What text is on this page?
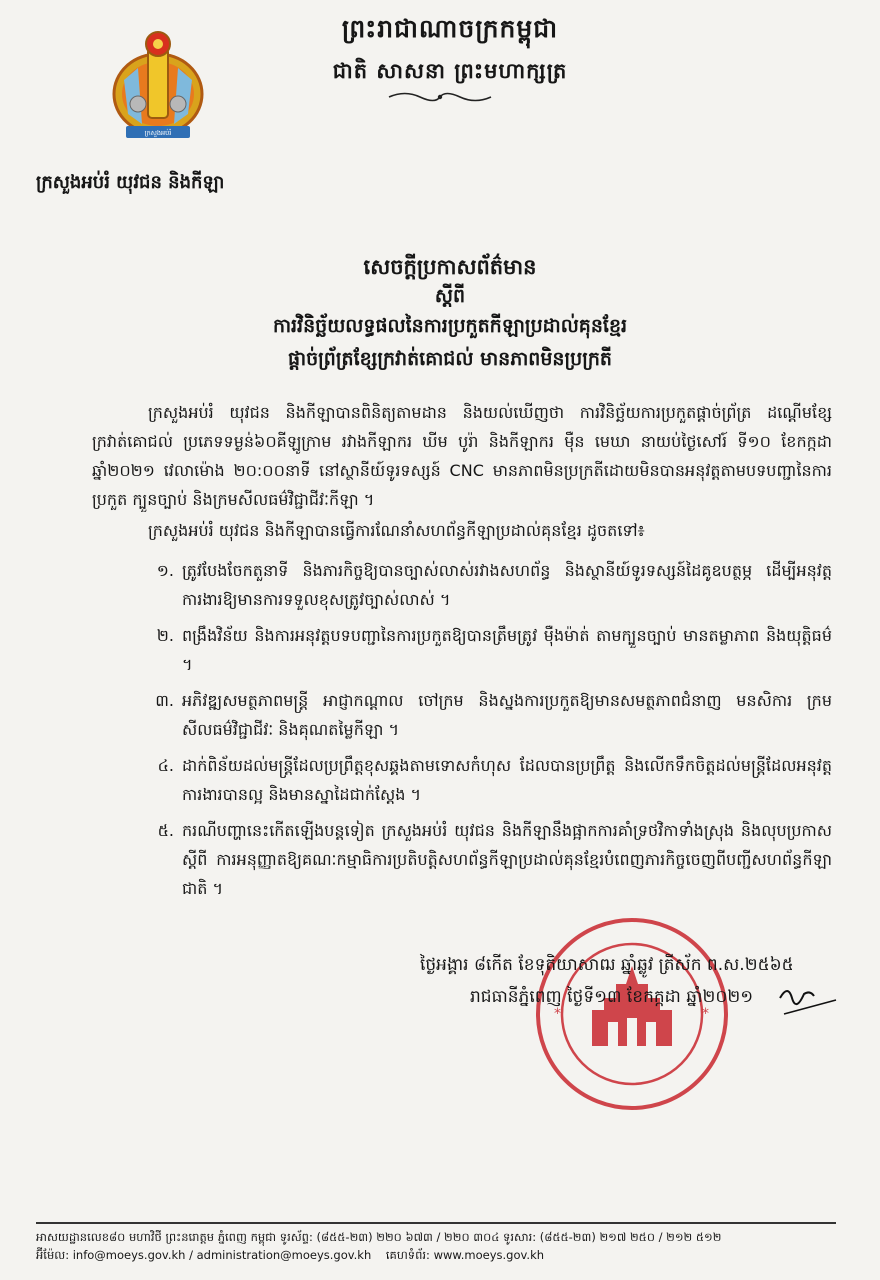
ក្រសួងអប់រំ
ព្រះរាជាណាចក្រកម្ពុជា
ជាតិ សាសនា ព្រះមហាក្សត្រ
ក្រសួងអប់រំ យុវជន និងកីឡា
សេចក្ដីប្រកាសព័ត៌មាន
ស្ដីពី
ការវិនិច្ឆ័យលទ្ធផលនៃការប្រកួតកីឡាប្រដាល់គុនខ្មែរ
ផ្ដាច់ព្រ័ត្រខ្សែក្រវាត់គោជល់ មានភាពមិនប្រក្រតី

ក្រសួងអប់រំ យុវជន និងកីឡាបានពិនិត្យតាមដាន និងយល់ឃើញថា ការវិនិច្ឆ័យការប្រកួតផ្ដាច់ព្រ័ត្រ ដណ្ដើមខ្សែក្រវាត់គោជល់ ប្រភេទទម្ងន់៦០គីឡូក្រាម រវាងកីឡាករ ឃីម បូរ៉ា និងកីឡាករ ម៉ឺន មេឃា នាយប់ថ្ងៃសៅរ៍ ទី១០ ខែកក្កដា ឆ្នាំ២០២១ វេលាម៉ោង ២០:០០នាទី នៅស្ថានីយ៍ទូរទស្សន៍ CNC មានភាពមិនប្រក្រតីដោយមិនបានអនុវត្តតាមបទបញ្ជានៃការប្រកួត ក្បួនច្បាប់ និងក្រមសីលធម៌វិជ្ជាជីវៈកីឡា ។

ក្រសួងអប់រំ យុវជន និងកីឡាបានធ្វើការណែនាំសហព័ន្ធកីឡាប្រដាល់គុនខ្មែរ ដូចតទៅ៖

១. ត្រូវបែងចែកតួនាទី និងភារកិច្ចឱ្យបានច្បាស់លាស់រវាងសហព័ន្ធ និងស្ថានីយ៍ទូរទស្សន៍ដៃគូឧបត្ថម្ភ ដើម្បីអនុវត្តការងារឱ្យមានការទទួលខុសត្រូវច្បាស់លាស់ ។
២. ពង្រឹងវិន័យ និងការអនុវត្តបទបញ្ជានៃការប្រកួតឱ្យបានត្រឹមត្រូវ ម៉ឺងម៉ាត់ តាមក្បួនច្បាប់ មានតម្លាភាព និងយុត្តិធម៌ ។
៣. អភិវឌ្ឍសមត្ថភាពមន្ត្រី អាជ្ញាកណ្ដាល ចៅក្រម និងស្នងការប្រកួតឱ្យមានសមត្ថភាពជំនាញ មនសិការ ក្រមសីលធម៌វិជ្ជាជីវៈ និងគុណតម្លៃកីឡា ។
៤. ដាក់ពិន័យដល់មន្ត្រីដែលប្រព្រឹត្តខុសឆ្គងតាមទោសកំហុស ដែលបានប្រព្រឹត្ត និងលើកទឹកចិត្តដល់មន្ត្រីដែលអនុវត្តការងារបានល្អ និងមានស្នាដៃជាក់ស្ដែង ។
៥. ករណីបញ្ហានេះកើតឡើងបន្តទៀត ក្រសួងអប់រំ យុវជន និងកីឡានឹងផ្អាកការគាំទ្រថវិកាទាំងស្រុង និងលុបប្រកាសស្ដីពី ការអនុញ្ញាតឱ្យគណៈកម្មាធិការប្រតិបត្តិសហព័ន្ធកីឡាប្រដាល់គុនខ្មែរបំពេញភារកិច្ចចេញពីបញ្ជីសហព័ន្ធកីឡាជាតិ ។
*	*
ថ្ងៃអង្គារ ៨កើត ខែទុតិយាសាឍ ឆ្នាំឆ្លូវ ត្រីស័ក ព.ស.២៥៦៥
រាជធានីភ្នំពេញ ថ្ងៃទី១៣ ខែកក្កដា ឆ្នាំ២០២១
អាសយដ្ឋានលេខ៨០ មហាវិថី ព្រះនរោត្តម ភ្នំពេញ កម្ពុជា ទូរស័ព្ទ: (៨៥៥-២៣) ២២០ ៦៧៣ / ២២០ ៣០៤ ទូរសារ: (៨៥៥-២៣) ២១៧ ២៥០ / ២១២ ៥១២
អ៊ីម៉ែល: info@moeys.gov.kh / administration@moeys.gov.kh គេហទំព័រ: www.moeys.gov.kh
